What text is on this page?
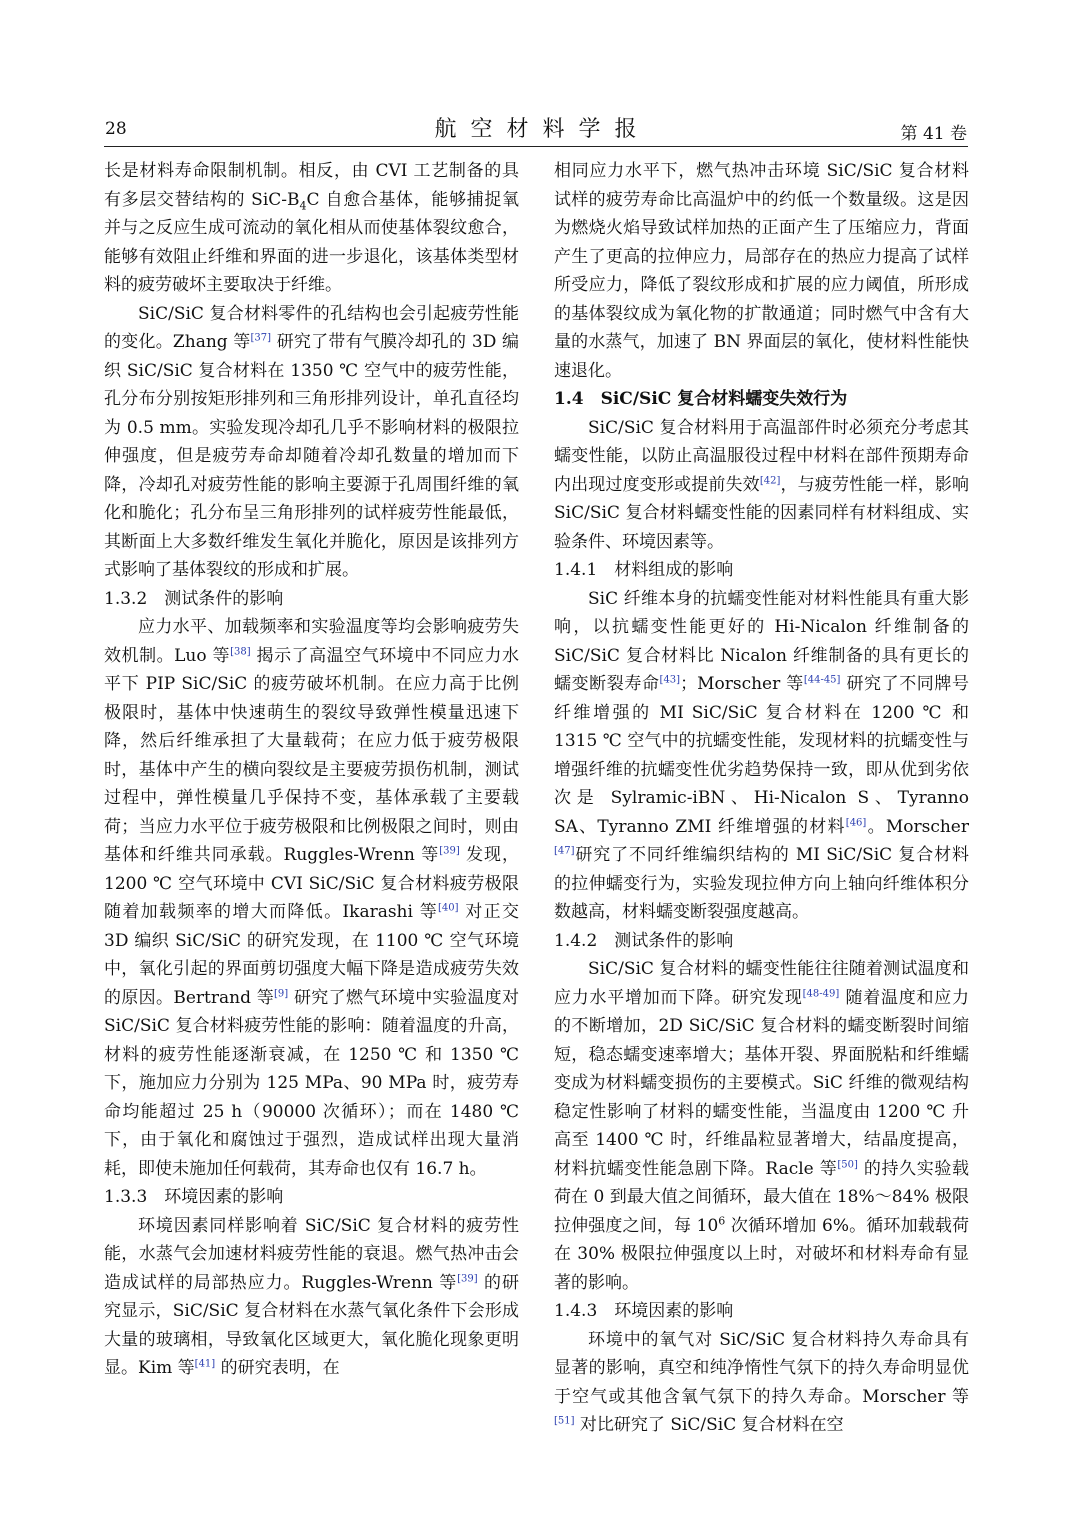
28	航空材料学报	第 41 卷

长是材料寿命限制机制。相反，由 CVI 工艺制备的具有多层交替结构的 SiC-$B_4C$ 自愈合基体，能够捕捉氧并与之反应生成可流动的氧化相从而使基体裂纹愈合，能够有效阻止纤维和界面的进一步退化，该基体类型材料的疲劳破坏主要取决于纤维。

SiC/SiC 复合材料零件的孔结构也会引起疲劳性能的变化。Zhang 等[37] 研究了带有气膜冷却孔的 3D 编织 SiC/SiC 复合材料在 1350 ℃ 空气中的疲劳性能，孔分布分别按矩形排列和三角形排列设计，单孔直径均为 0.5 mm。实验发现冷却孔几乎不影响材料的极限拉伸强度，但是疲劳寿命却随着冷却孔数量的增加而下降，冷却孔对疲劳性能的影响主要源于孔周围纤维的氧化和脆化；孔分布呈三角形排列的试样疲劳性能最低，其断面上大多数纤维发生氧化并脆化，原因是该排列方式影响了基体裂纹的形成和扩展。

1.3.2　测试条件的影响

应力水平、加载频率和实验温度等均会影响疲劳失效机制。Luo 等[38] 揭示了高温空气环境中不同应力水平下 PIP SiC/SiC 的疲劳破坏机制。在应力高于比例极限时，基体中快速萌生的裂纹导致弹性模量迅速下降，然后纤维承担了大量载荷；在应力低于疲劳极限时，基体中产生的横向裂纹是主要疲劳损伤机制，测试过程中，弹性模量几乎保持不变，基体承载了主要载荷；当应力水平位于疲劳极限和比例极限之间时，则由基体和纤维共同承载。Ruggles-Wrenn 等[39] 发现，1200 ℃ 空气环境中 CVI SiC/SiC 复合材料疲劳极限随着加载频率的增大而降低。Ikarashi 等[40] 对正交 3D 编织 SiC/SiC 的研究发现，在 1100 ℃ 空气环境中，氧化引起的界面剪切强度大幅下降是造成疲劳失效的原因。Bertrand 等[9] 研究了燃气环境中实验温度对 SiC/SiC 复合材料疲劳性能的影响：随着温度的升高，材料的疲劳性能逐渐衰减，在 1250 ℃ 和 1350 ℃ 下，施加应力分别为 125 MPa、90 MPa 时，疲劳寿命均能超过 25 h（90000 次循环）；而在 1480 ℃ 下，由于氧化和腐蚀过于强烈，造成试样出现大量消耗，即使未施加任何载荷，其寿命也仅有 16.7 h。

1.3.3　环境因素的影响

环境因素同样影响着 SiC/SiC 复合材料的疲劳性能，水蒸气会加速材料疲劳性能的衰退。燃气热冲击会造成试样的局部热应力。Ruggles-Wrenn 等[39] 的研究显示，SiC/SiC 复合材料在水蒸气氧化条件下会形成大量的玻璃相，导致氧化区域更大，氧化脆化现象更明显。Kim 等[41] 的研究表明，在

相同应力水平下，燃气热冲击环境 SiC/SiC 复合材料试样的疲劳寿命比高温炉中的约低一个数量级。这是因为燃烧火焰导致试样加热的正面产生了压缩应力，背面产生了更高的拉伸应力，局部存在的热应力提高了试样所受应力，降低了裂纹形成和扩展的应力阈值，所形成的基体裂纹成为氧化物的扩散通道；同时燃气中含有大量的水蒸气，加速了 BN 界面层的氧化，使材料性能快速退化。

1.4　SiC/SiC 复合材料蠕变失效行为

SiC/SiC 复合材料用于高温部件时必须充分考虑其蠕变性能，以防止高温服役过程中材料在部件预期寿命内出现过度变形或提前失效[42]，与疲劳性能一样，影响 SiC/SiC 复合材料蠕变性能的因素同样有材料组成、实验条件、环境因素等。

1.4.1　材料组成的影响

SiC 纤维本身的抗蠕变性能对材料性能具有重大影响，以抗蠕变性能更好的 Hi-Nicalon 纤维制备的 SiC/SiC 复合材料比 Nicalon 纤维制备的具有更长的蠕变断裂寿命[43]；Morscher 等[44-45] 研究了不同牌号纤维增强的 MI SiC/SiC 复合材料在 1200 ℃ 和 1315 ℃ 空气中的抗蠕变性能，发现材料的抗蠕变性与增强纤维的抗蠕变性优劣趋势保持一致，即从优到劣依次是 Sylramic-iBN、Hi-Nicalon S、Tyranno SA、Tyranno ZMI 纤维增强的材料[46]。Morscher [47]研究了不同纤维编织结构的 MI SiC/SiC 复合材料的拉伸蠕变行为，实验发现拉伸方向上轴向纤维体积分数越高，材料蠕变断裂强度越高。

1.4.2　测试条件的影响

SiC/SiC 复合材料的蠕变性能往往随着测试温度和应力水平增加而下降。研究发现[48-49] 随着温度和应力的不断增加，2D SiC/SiC 复合材料的蠕变断裂时间缩短，稳态蠕变速率增大；基体开裂、界面脱粘和纤维蠕变成为材料蠕变损伤的主要模式。SiC 纤维的微观结构稳定性影响了材料的蠕变性能，当温度由 1200 ℃ 升高至 1400 ℃ 时，纤维晶粒显著增大，结晶度提高，材料抗蠕变性能急剧下降。Racle 等[50] 的持久实验载荷在 0 到最大值之间循环，最大值在 18%～84% 极限拉伸强度之间，每 $10^6$ 次循环增加 6%。循环加载载荷在 30% 极限拉伸强度以上时，对破坏和材料寿命有显著的影响。

1.4.3　环境因素的影响

环境中的氧气对 SiC/SiC 复合材料持久寿命具有显著的影响，真空和纯净惰性气氛下的持久寿命明显优于空气或其他含氧气氛下的持久寿命。Morscher 等[51] 对比研究了 SiC/SiC 复合材料在空
